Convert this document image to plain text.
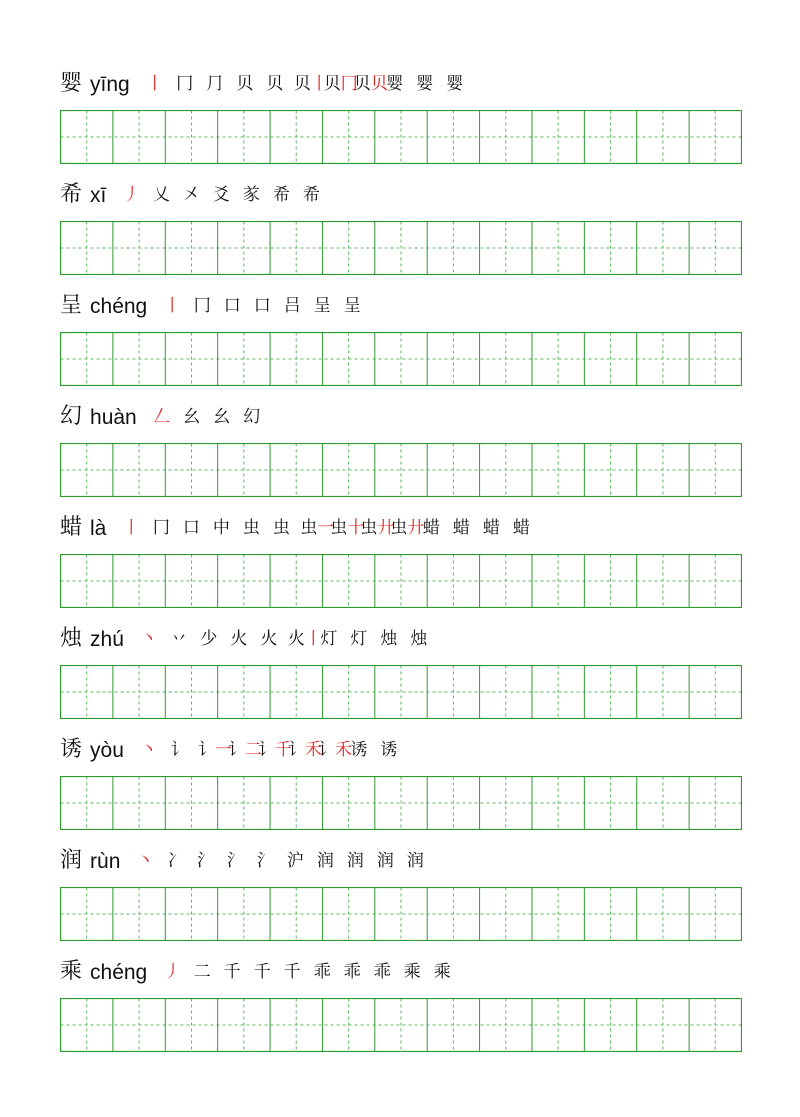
婴 yīng 丨 冂 ⺆ 贝 贝 贝丨
贝冂
贝贝
婴 婴 婴
希 xī 丿 乂 㐅 爻 㒸 希 希
呈 chéng 丨 冂 口 口 吕 呈 呈
幻 huàn 𠃋 幺 幺 幻
蜡 là 丨 冂 口 中 虫 虫 虫一
虫十
虫廾
虫廾
蜡 蜡 蜡 蜡
烛 zhú 丶 丷 少 火 火 火丨
灯 灯 烛 烛
诱 yòu 丶 讠 讠一
讠二
讠千
讠禾
讠禾
诱 诱
润 rùn 丶 冫 氵 氵 氵 沪 润 润 润 润
乘 chéng 丿 二 千 千 千 乖 乖 乖 乘 乘
